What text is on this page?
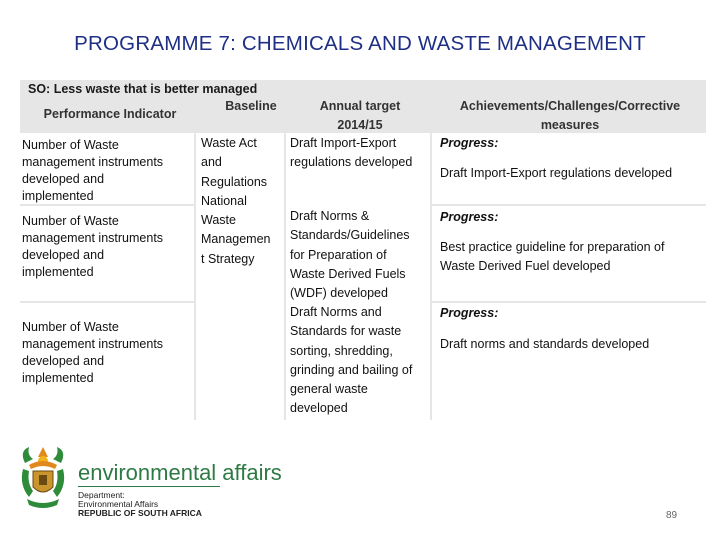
PROGRAMME 7: CHEMICALS AND WASTE MANAGEMENT
SO: Less waste that is better managed
Performance Indicator
Baseline	Annual target
2014/15
Achievements/Challenges/Corrective
measures
Number of Waste
management instruments
developed and
implemented
Number of Waste
management instruments
developed and
implemented
Number of Waste
management instruments
developed and
implemented
Waste Act
and
Regulations
National
Waste
Managemen
t Strategy
Draft Import-Export
regulations developed
Draft Norms &
Standards/Guidelines
for Preparation of
Waste Derived Fuels
(WDF) developed
Draft Norms and
Standards for waste
sorting, shredding,
grinding and bailing of
general waste
developed
Progress:
Draft Import-Export regulations developed
Progress:
Best practice guideline for preparation of
Waste Derived Fuel developed
Progress:
Draft norms and standards developed
environmental affairs
Department:
Environmental Affairs
REPUBLIC OF SOUTH AFRICA	89
